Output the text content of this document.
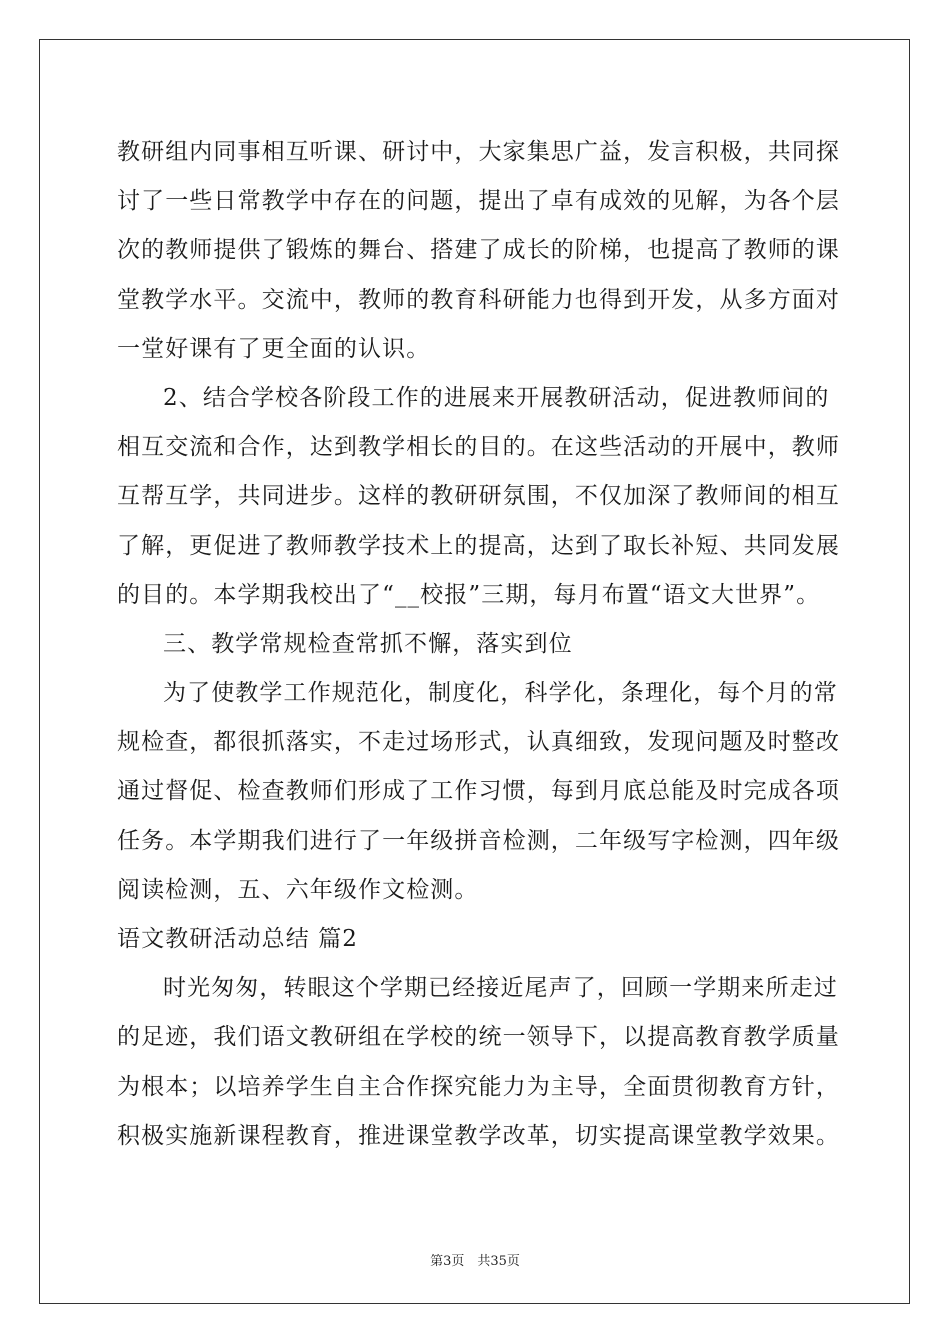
教研组内同事相互听课、研讨中，大家集思广益，发言积极，共同探
讨了一些日常教学中存在的问题，提出了卓有成效的见解，为各个层
次的教师提供了锻炼的舞台、搭建了成长的阶梯，也提高了教师的课
堂教学水平。交流中，教师的教育科研能力也得到开发，从多方面对
一堂好课有了更全面的认识。
2、结合学校各阶段工作的进展来开展教研活动，促进教师间的
相互交流和合作，达到教学相长的目的。在这些活动的开展中，教师
互帮互学，共同进步。这样的教研研氛围，不仅加深了教师间的相互
了解，更促进了教师教学技术上的提高，达到了取长补短、共同发展
的目的。本学期我校出了“__校报”三期，每月布置“语文大世界”。
三、教学常规检查常抓不懈，落实到位
为了使教学工作规范化，制度化，科学化，条理化，每个月的常
规检查，都很抓落实，不走过场形式，认真细致，发现问题及时整改
通过督促、检查教师们形成了工作习惯，每到月底总能及时完成各项
任务。本学期我们进行了一年级拼音检测，二年级写字检测，四年级
阅读检测，五、六年级作文检测。
语文教研活动总结 篇2
时光匆匆，转眼这个学期已经接近尾声了，回顾一学期来所走过
的足迹，我们语文教研组在学校的统一领导下，以提高教育教学质量
为根本；以培养学生自主合作探究能力为主导，全面贯彻教育方针，
积极实施新课程教育，推进课堂教学改革，切实提高课堂教学效果。
第3页　共35页
